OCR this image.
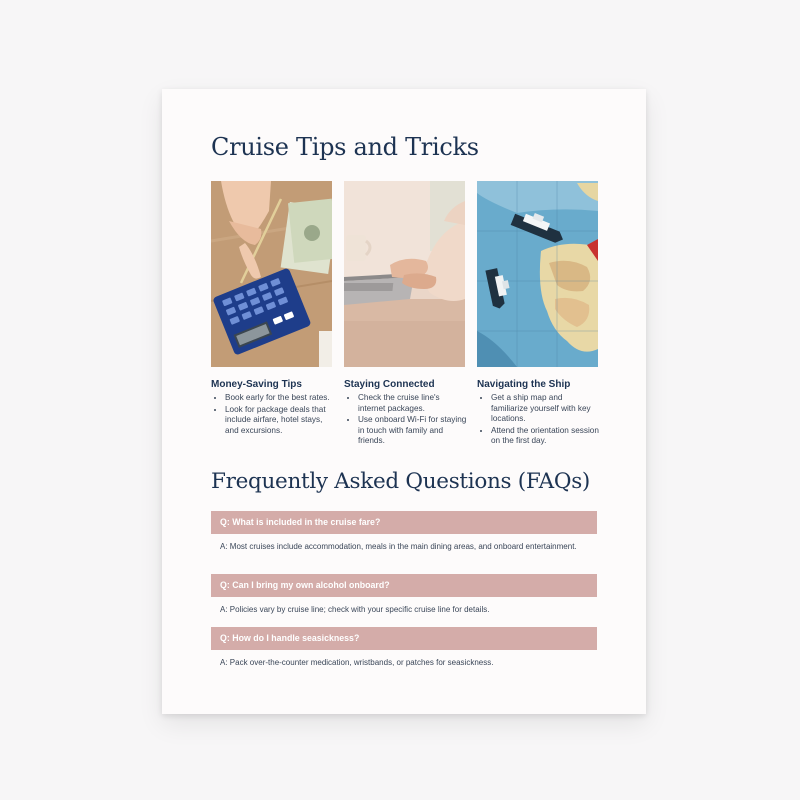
Cruise Tips and Tricks
Money-Saving Tips
• Book early for the best rates.
• Look for package deals that include airfare, hotel stays, and excursions.
Staying Connected
• Check the cruise line's internet packages.
• Use onboard Wi-Fi for staying in touch with family and friends.
Navigating the Ship
• Get a ship map and familiarize yourself with key locations.
• Attend the orientation session on the first day.
Frequently Asked Questions (FAQs)
Q: What is included in the cruise fare?
A: Most cruises include accommodation, meals in the main dining areas, and onboard entertainment.
Q: Can I bring my own alcohol onboard?
A: Policies vary by cruise line; check with your specific cruise line for details.
Q: How do I handle seasickness?
A: Pack over-the-counter medication, wristbands, or patches for seasickness.
